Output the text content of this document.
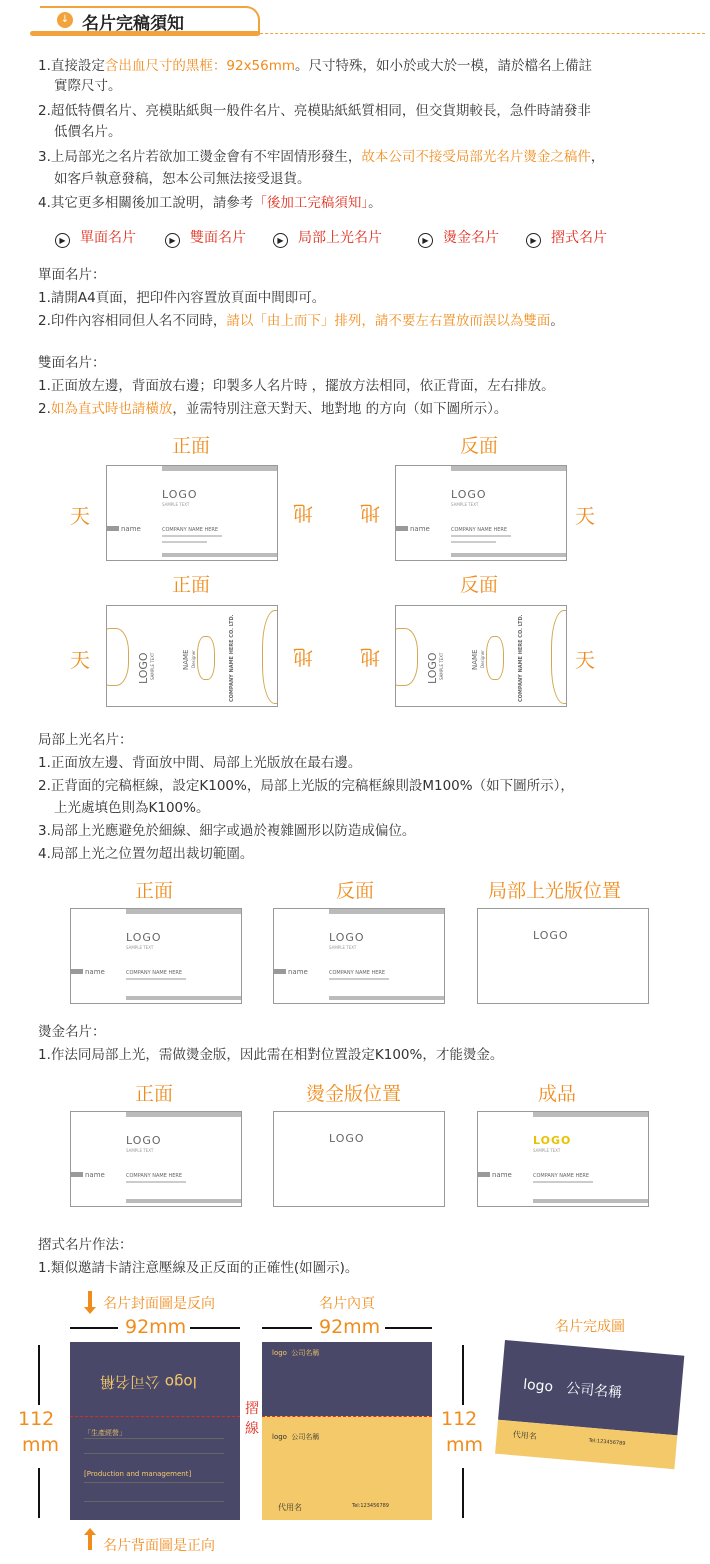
↓ 名片完稿須知
1.直接設定含出血尺寸的黑框：92x56mm。尺寸特殊，如小於或大於一模，請於檔名上備註
實際尺寸。
2.超低特價名片、亮模貼紙與一般件名片、亮模貼紙紙質相同，但交貨期較長，急件時請發非
低價名片。
3.上局部光之名片若欲加工燙金會有不牢固情形發生，故本公司不接受局部光名片燙金之稿件，
如客戶執意發稿，恕本公司無法接受退貨。
4.其它更多相關後加工說明，請參考「後加工完稿須知」。
▶ 單面名片	▶ 雙面名片	▶ 局部上光名片	▶ 燙金名片	▶ 摺式名片
單面名片：
1.請開A4頁面，把印件內容置放頁面中間即可。
2.印件內容相同但人名不同時，請以「由上而下」排列，請不要左右置放而誤以為雙面。
雙面名片：
1.正面放左邊，背面放右邊；印製多人名片時 ，擺放方法相同，依正背面，左右排放。
2.如為直式時也請橫放，並需特別注意天對天、地對地 的方向（如下圖所示）。
正面	反面
天	地 地	天
LOGO
SAMPLE TEXT
name	COMPANY NAME HERE
LOGO
SAMPLE TEXT
name	COMPANY NAME HERE
正面	反面
天	地 地	天
LOGO SAMPLE TEXT	NAME Designer	COMPANY NAME HERE CO. LTD.	LOGO SAMPLE TEXT	NAME Designer	COMPANY NAME HERE CO. LTD.
局部上光名片：
1.正面放左邊、背面放中間、局部上光版放在最右邊。
2.正背面的完稿框線，設定K100%，局部上光版的完稿框線則設M100%（如下圖所示），
上光處填色則為K100%。
3.局部上光應避免於細線、細字或過於複雜圖形以防造成偏位。
4.局部上光之位置勿超出裁切範圍。
正面	反面	局部上光版位置
LOGO
SAMPLE TEXT
name	COMPANY NAME HERE
LOGO
SAMPLE TEXT
name	COMPANY NAME HERE
LOGO
燙金名片：
1.作法同局部上光，需做燙金版，因此需在相對位置設定K100%，才能燙金。
正面	燙金版位置	成品
LOGO
SAMPLE TEXT
name	COMPANY NAME HERE
LOGO	LOGO
SAMPLE TEXT
name	COMPANY NAME HERE
摺式名片作法：
1.類似邀請卡請注意壓線及正反面的正確性(如圖示)。
名片封面圖是反向	名片內頁
名片完成圖
92mm	92mm
112
mm
112
mm
logo 公司名稱
「生產經營」
[Production and management]
摺
線
logo 公司名稱
logo 公司名稱
代用名	Tel:123456789
logo 公司名稱
代用名
Tel:123456789
名片背面圖是正向
